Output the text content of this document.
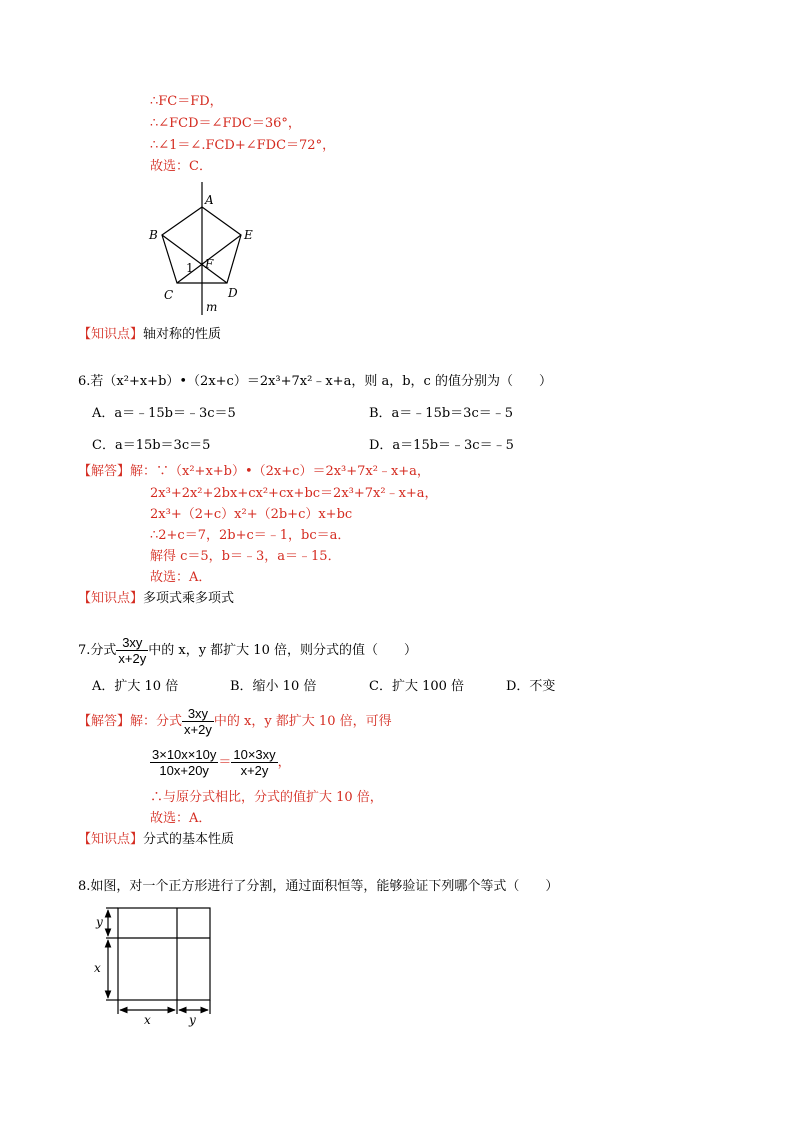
∴FC＝FD，
∴∠FCD＝∠FDC＝36°，
∴∠1＝∠.FCD+∠FDC＝72°，
故选：C．
A
B	E
C	D
F
1
m
【知识点】轴对称的性质
6.若（x²+x+b）•（2x+c）＝2x³+7x²﹣x+a，则 a，b，c 的值分别为（　　）
A．a＝﹣15b＝﹣3c＝5	B．a＝﹣15b＝3c＝﹣5
C．a＝15b＝3c＝5	D．a＝15b＝﹣3c＝﹣5
【解答】解：∵（x²+x+b）•（2x+c）＝2x³+7x²﹣x+a，
2x³+2x²+2bx+cx²+cx+bc＝2x³+7x²﹣x+a，
2x³+（2+c）x²+（2b+c）x+bc
∴2+c＝7，2b+c＝﹣1，bc＝a．
解得 c＝5，b＝﹣3，a＝﹣15．
故选：A．
【知识点】多项式乘多项式
7.分式 $\frac{3xy}{x+2y}$ 中的 x，y 都扩大 10 倍，则分式的值（　　）
A．扩大 10 倍	B．缩小 10 倍	C．扩大 100 倍	D．不变
【解答】解：分式 $\frac{3xy}{x+2y}$ 中的 x，y 都扩大 10 倍，可得
$\frac{3\times 10x\times 10y}{10x+20y} = \frac{10\times 3xy}{x+2y}$ ，
∴与原分式相比，分式的值扩大 10 倍，
故选：A．
【知识点】分式的基本性质
8.如图，对一个正方形进行了分割，通过面积恒等，能够验证下列哪个等式（　　）
y
x
x	y
